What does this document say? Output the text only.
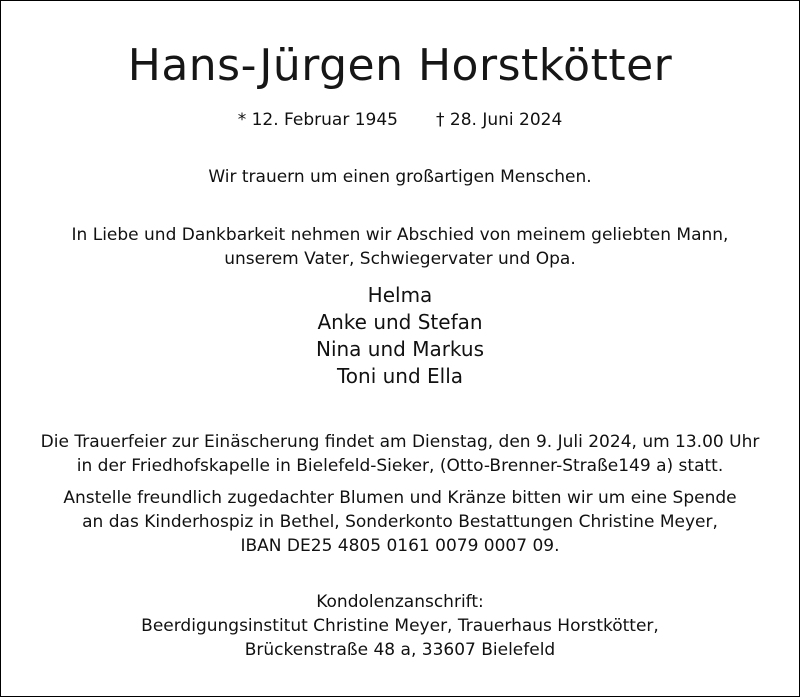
Hans-Jürgen Horstkötter
* 12. Februar 1945 † 28. Juni 2024
Wir trauern um einen großartigen Menschen.
In Liebe und Dankbarkeit nehmen wir Abschied von meinem geliebten Mann,
unserem Vater, Schwiegervater und Opa.
Helma
Anke und Stefan
Nina und Markus
Toni und Ella
Die Trauerfeier zur Einäscherung findet am Dienstag, den 9. Juli 2024, um 13.00 Uhr
in der Friedhofskapelle in Bielefeld-Sieker, (Otto-Brenner-Straße149 a) statt.
Anstelle freundlich zugedachter Blumen und Kränze bitten wir um eine Spende
an das Kinderhospiz in Bethel, Sonderkonto Bestattungen Christine Meyer,
IBAN DE25 4805 0161 0079 0007 09.
Kondolenzanschrift:
Beerdigungsinstitut Christine Meyer, Trauerhaus Horstkötter,
Brückenstraße 48 a, 33607 Bielefeld
